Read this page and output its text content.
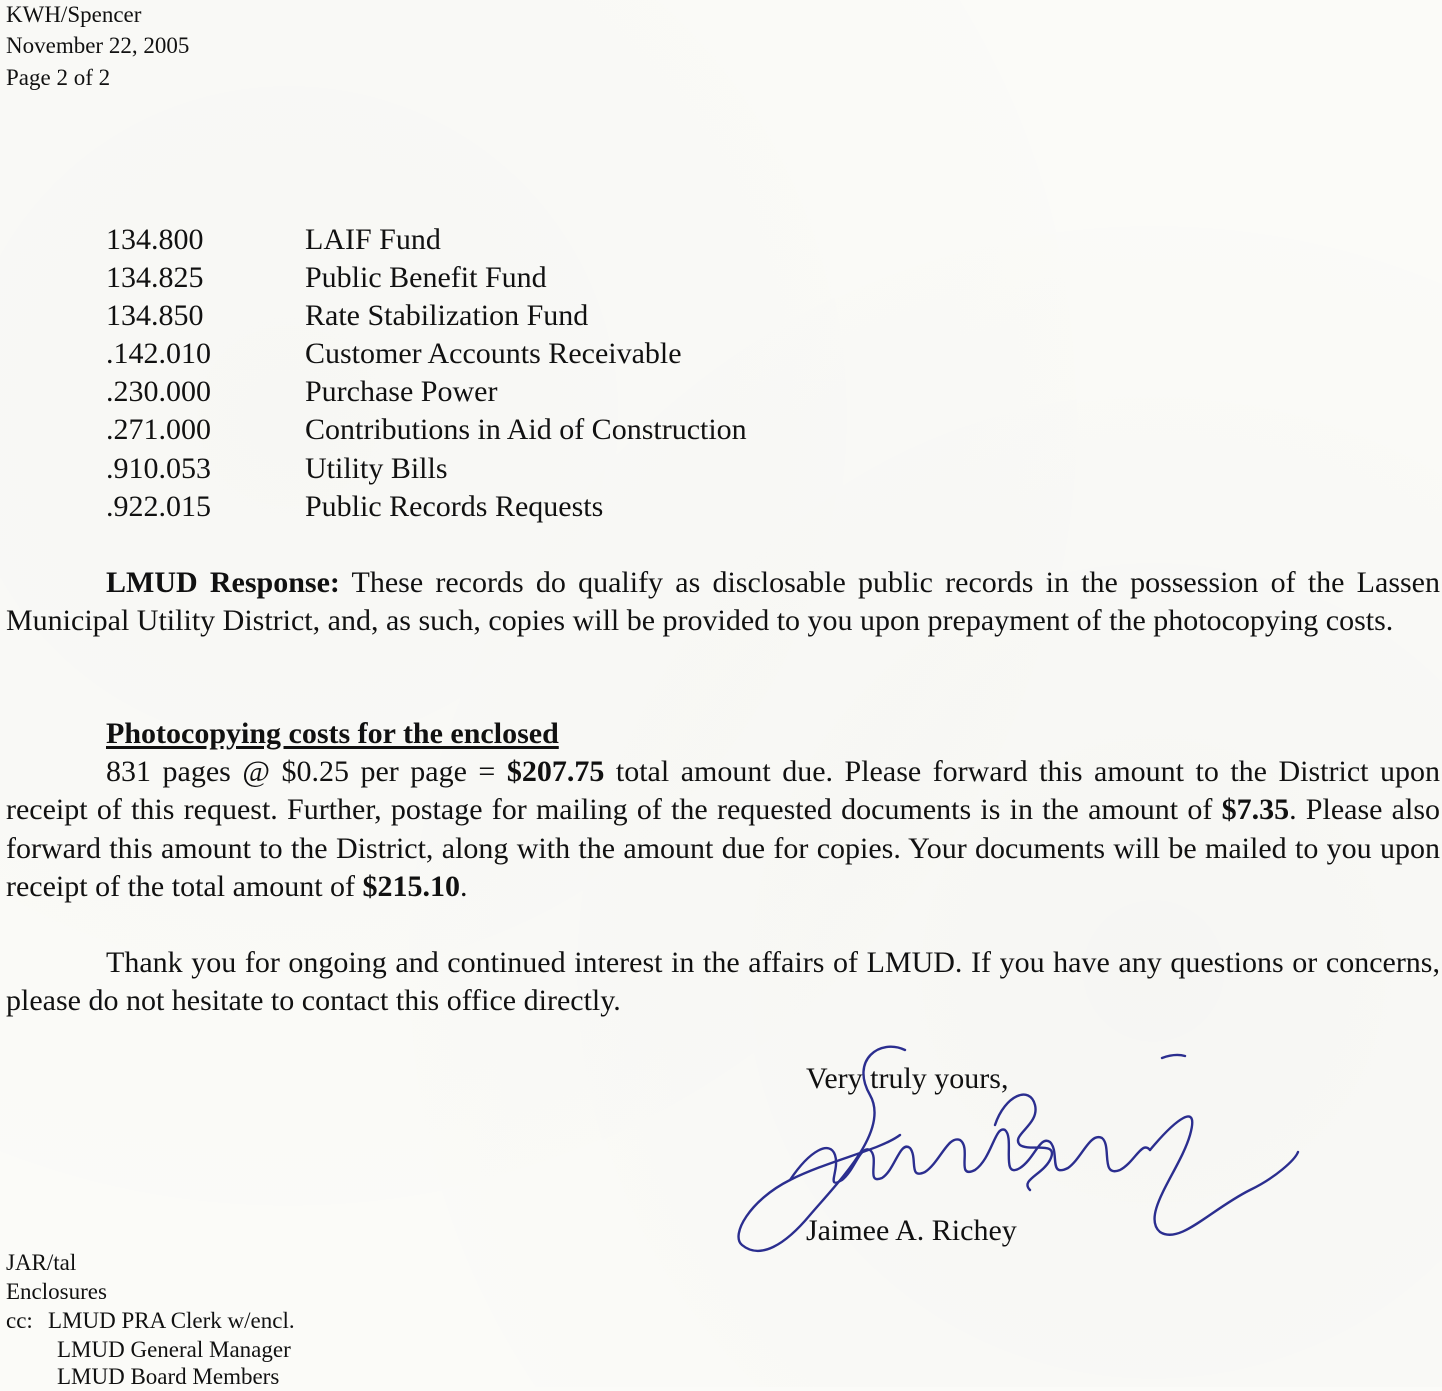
KWH/Spencer
November 22, 2005
Page 2 of 2
134.800	LAIF Fund
134.825	Public Benefit Fund
134.850	Rate Stabilization Fund
.142.010	Customer Accounts Receivable
.230.000	Purchase Power
.271.000	Contributions in Aid of Construction
.910.053	Utility Bills
.922.015	Public Records Requests

LMUD Response: These records do qualify as disclosable public records in the possession of the Lassen Municipal Utility District, and, as such, copies will be provided to you upon prepayment of the photocopying costs.

Photocopying costs for the enclosed

831 pages @ $0.25 per page = $207.75 total amount due. Please forward this amount to the District upon receipt of this request. Further, postage for mailing of the requested documents is in the amount of $7.35. Please also forward this amount to the District, along with the amount due for copies. Your documents will be mailed to you upon receipt of the total amount of $215.10.

Thank you for ongoing and continued interest in the affairs of LMUD. If you have any questions or concerns, please do not hesitate to contact this office directly.

Very truly yours,
Jaimee A. Richey
JAR/tal
Enclosures
cc: LMUD PRA Clerk w/encl.
LMUD General Manager
LMUD Board Members
